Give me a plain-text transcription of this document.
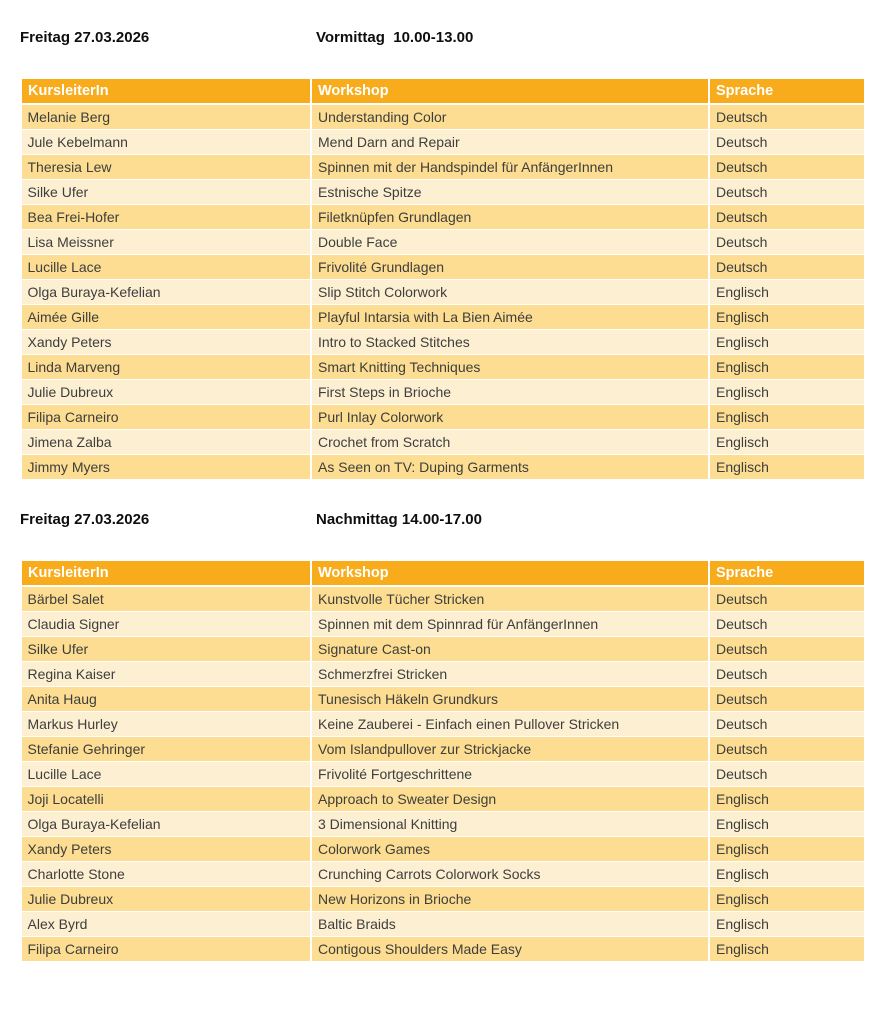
Freitag 27.03.2026	Vormittag  10.00-13.00
KursleiterIn	Workshop	Sprache
Melanie Berg	Understanding Color	Deutsch
Jule Kebelmann	Mend Darn and Repair	Deutsch
Theresia Lew	Spinnen mit der Handspindel für AnfängerInnen	Deutsch
Silke Ufer	Estnische Spitze	Deutsch
Bea Frei-Hofer	Filetknüpfen Grundlagen	Deutsch
Lisa Meissner	Double Face	Deutsch
Lucille Lace	Frivolité Grundlagen	Deutsch
Olga Buraya-Kefelian	Slip Stitch Colorwork	Englisch
Aimée Gille	Playful Intarsia with La Bien Aimée	Englisch
Xandy Peters	Intro to Stacked Stitches	Englisch
Linda Marveng	Smart Knitting Techniques	Englisch
Julie Dubreux	First Steps in Brioche	Englisch
Filipa Carneiro	Purl Inlay Colorwork	Englisch
Jimena Zalba	Crochet from Scratch	Englisch
Jimmy Myers	As Seen on TV: Duping Garments	Englisch
Freitag 27.03.2026	Nachmittag 14.00-17.00
KursleiterIn	Workshop	Sprache
Bärbel Salet	Kunstvolle Tücher Stricken	Deutsch
Claudia Signer	Spinnen mit dem Spinnrad für AnfängerInnen	Deutsch
Silke Ufer	Signature Cast-on	Deutsch
Regina Kaiser	Schmerzfrei Stricken	Deutsch
Anita Haug	Tunesisch Häkeln Grundkurs	Deutsch
Markus Hurley	Keine Zauberei - Einfach einen Pullover Stricken	Deutsch
Stefanie Gehringer	Vom Islandpullover zur Strickjacke	Deutsch
Lucille Lace	Frivolité Fortgeschrittene	Deutsch
Joji Locatelli	Approach to Sweater Design	Englisch
Olga Buraya-Kefelian	3 Dimensional Knitting	Englisch
Xandy Peters	Colorwork Games	Englisch
Charlotte Stone	Crunching Carrots Colorwork Socks	Englisch
Julie Dubreux	New Horizons in Brioche	Englisch
Alex Byrd	Baltic Braids	Englisch
Filipa Carneiro	Contigous Shoulders Made Easy	Englisch
